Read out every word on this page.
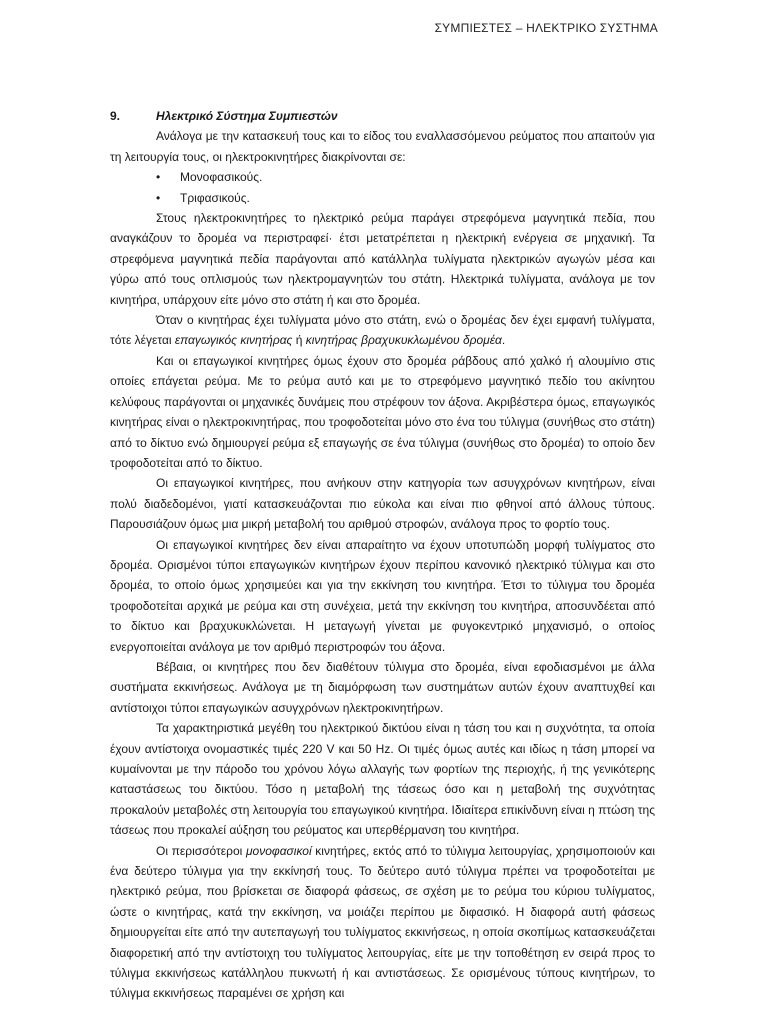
ΣΥΜΠΙΕΣΤΕΣ – ΗΛΕΚΤΡΙΚΟ ΣΥΣΤΗΜΑ
9.	Ηλεκτρικό Σύστημα Συμπιεστών

Ανάλογα με την κατασκευή τους και το είδος του εναλλασσόμενου ρεύματος που απαιτούν για τη λειτουργία τους, οι ηλεκτροκινητήρες διακρίνονται σε:

• Μονοφασικούς.
• Τριφασικούς.

Στους ηλεκτροκινητήρες το ηλεκτρικό ρεύμα παράγει στρεφόμενα μαγνητικά πεδία, που αναγκάζουν το δρομέα να περιστραφεί· έτσι μετατρέπεται η ηλεκτρική ενέργεια σε μηχανική. Τα στρεφόμενα μαγνητικά πεδία παράγονται από κατάλληλα τυλίγματα ηλεκτρικών αγωγών μέσα και γύρω από τους οπλισμούς των ηλεκτρομαγνητών του στάτη. Ηλεκτρικά τυλίγματα, ανάλογα με τον κινητήρα, υπάρχουν είτε μόνο στο στάτη ή και στο δρομέα.

Όταν ο κινητήρας έχει τυλίγματα μόνο στο στάτη, ενώ ο δρομέας δεν έχει εμφανή τυλίγματα, τότε λέγεται επαγωγικός κινητήρας ή κινητήρας βραχυκυκλωμένου δρομέα.

Και οι επαγωγικοί κινητήρες όμως έχουν στο δρομέα ράβδους από χαλκό ή αλουμίνιο στις οποίες επάγεται ρεύμα. Με το ρεύμα αυτό και με το στρεφόμενο μαγνητικό πεδίο του ακίνητου κελύφους παράγονται οι μηχανικές δυνάμεις που στρέφουν τον άξονα. Ακριβέστερα όμως, επαγωγικός κινητήρας είναι ο ηλεκτροκινητήρας, που τροφοδοτείται μόνο στο ένα του τύλιγμα (συνήθως στο στάτη) από το δίκτυο ενώ δημιουργεί ρεύμα εξ επαγωγής σε ένα τύλιγμα (συνήθως στο δρομέα) το οποίο δεν τροφοδοτείται από το δίκτυο.

Οι επαγωγικοί κινητήρες, που ανήκουν στην κατηγορία των ασυγχρόνων κινητήρων, είναι πολύ διαδεδομένοι, γιατί κατασκευάζονται πιο εύκολα και είναι πιο φθηνοί από άλλους τύπους. Παρουσιάζουν όμως μια μικρή μεταβολή του αριθμού στροφών, ανάλογα προς το φορτίο τους.

Οι επαγωγικοί κινητήρες δεν είναι απαραίτητο να έχουν υποτυπώδη μορφή τυλίγματος στο δρομέα. Ορισμένοι τύποι επαγωγικών κινητήρων έχουν περίπου κανονικό ηλεκτρικό τύλιγμα και στο δρομέα, το οποίο όμως χρησιμεύει και για την εκκίνηση του κινητήρα. Έτσι το τύλιγμα του δρομέα τροφοδοτείται αρχικά με ρεύμα και στη συνέχεια, μετά την εκκίνηση του κινητήρα, αποσυνδέεται από το δίκτυο και βραχυκυκλώνεται. Η μεταγωγή γίνεται με φυγοκεντρικό μηχανισμό, ο οποίος ενεργοποιείται ανάλογα με τον αριθμό περιστροφών του άξονα.

Βέβαια, οι κινητήρες που δεν διαθέτουν τύλιγμα στο δρομέα, είναι εφοδιασμένοι με άλλα συστήματα εκκινήσεως. Ανάλογα με τη διαμόρφωση των συστημάτων αυτών έχουν αναπτυχθεί και αντίστοιχοι τύποι επαγωγικών ασυγχρόνων ηλεκτροκινητήρων.

Τα χαρακτηριστικά μεγέθη του ηλεκτρικού δικτύου είναι η τάση του και η συχνότητα, τα οποία έχουν αντίστοιχα ονομαστικές τιμές 220 V και 50 Hz. Οι τιμές όμως αυτές και ιδίως η τάση μπορεί να κυμαίνονται με την πάροδο του χρόνου λόγω αλλαγής των φορτίων της περιοχής, ή της γενικότερης καταστάσεως του δικτύου. Τόσο η μεταβολή της τάσεως όσο και η μεταβολή της συχνότητας προκαλούν μεταβολές στη λειτουργία του επαγωγικού κινητήρα. Ιδιαίτερα επικίνδυνη είναι η πτώση της τάσεως που προκαλεί αύξηση του ρεύματος και υπερθέρμανση του κινητήρα.

Οι περισσότεροι μονοφασικοί κινητήρες, εκτός από το τύλιγμα λειτουργίας, χρησιμοποιούν και ένα δεύτερο τύλιγμα για την εκκίνησή τους. Το δεύτερο αυτό τύλιγμα πρέπει να τροφοδοτείται με ηλεκτρικό ρεύμα, που βρίσκεται σε διαφορά φάσεως, σε σχέση με το ρεύμα του κύριου τυλίγματος, ώστε ο κινητήρας, κατά την εκκίνηση, να μοιάζει περίπου με διφασικό. Η διαφορά αυτή φάσεως δημιουργείται είτε από την αυτεπαγωγή του τυλίγματος εκκινήσεως, η οποία σκοπίμως κατασκευάζεται διαφορετική από την αντίστοιχη του τυλίγματος λειτουργίας, είτε με την τοποθέτηση εν σειρά προς το τύλιγμα εκκινήσεως κατάλληλου πυκνωτή ή και αντιστάσεως. Σε ορισμένους τύπους κινητήρων, το τύλιγμα εκκινήσεως παραμένει σε χρήση και
